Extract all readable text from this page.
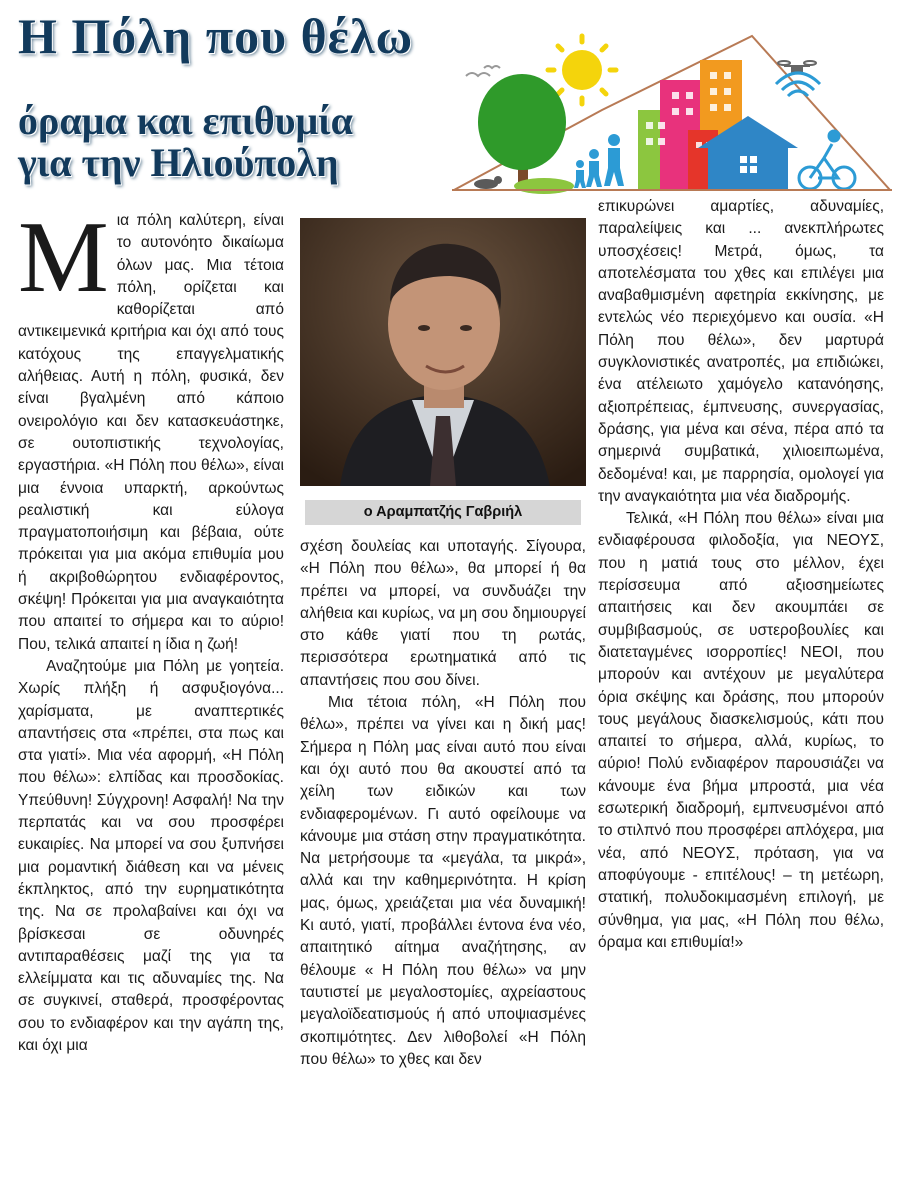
Η Πόλη που θέλω
όραμα και επιθυμία
για την Ηλιούπολη

Μια πόλη καλύτερη, είναι το αυτονόητο δικαίωμα όλων μας. Μια τέτοια πόλη, ορίζεται και καθορίζεται από αντικειμενικά κριτήρια και όχι από τους κατόχους της επαγγελματικής αλήθειας. Αυτή η πόλη, φυσικά, δεν είναι βγαλμένη από κάποιο ονειρολόγιο και δεν κατασκευάστηκε, σε ουτοπιστικής τεχνολογίας, εργαστήρια. «Η Πόλη που θέλω», είναι μια έννοια υπαρκτή, αρκούντως ρεαλιστική και εύλογα πραγματοποιήσιμη και βέβαια, ούτε πρόκειται για μια ακόμα επιθυμία μου ή ακριβοθώρητου ενδιαφέροντος, σκέψη! Πρόκειται για μια αναγκαιότητα που απαιτεί το σήμερα και το αύριο! Που, τελικά απαιτεί η ίδια η ζωή!

Αναζητούμε μια Πόλη με γοητεία. Χωρίς πλήξη ή ασφυξιογόνα... χαρίσματα, με αναπτερτικές απαντήσεις στα «πρέπει, στα πως και στα γιατί». Μια νέα αφορμή, «Η Πόλη που θέλω»: ελπίδας και προσδοκίας. Υπεύθυνη! Σύγχρονη! Ασφαλή! Να την περπατάς και να σου προσφέρει ευκαιρίες. Να μπορεί να σου ξυπνήσει μια ρομαντική διάθεση και να μένεις έκπληκτος, από την ευρηματικότητα της. Να σε προλαβαίνει και όχι να βρίσκεσαι σε οδυνηρές αντιπαραθέσεις μαζί της για τα ελλείμματα και τις αδυναμίες της. Να σε συγκινεί, σταθερά, προσφέροντας σου το ενδιαφέρον και την αγάπη της, και όχι μια

ο Αραμπατζής Γαβριήλ

σχέση δουλείας και υποταγής. Σίγουρα, «Η Πόλη που θέλω», θα μπορεί ή θα πρέπει να μπορεί, να συνδυάζει την αλήθεια και κυρίως, να μη σου δημιουργεί στο κάθε γιατί που τη ρωτάς, περισσότερα ερωτηματικά από τις απαντήσεις που σου δίνει.

Μια τέτοια πόλη, «Η Πόλη που θέλω», πρέπει να γίνει και η δική μας! Σήμερα η Πόλη μας είναι αυτό που είναι και όχι αυτό που θα ακουστεί από τα χείλη των ειδικών και των ενδιαφερομένων. Γι αυτό οφείλουμε να κάνουμε μια στάση στην πραγματικότητα. Να μετρήσουμε τα «μεγάλα, τα μικρά», αλλά και την καθημερινότητα. Η κρίση μας, όμως, χρειάζεται μια νέα δυναμική! Κι αυτό, γιατί, προβάλλει έντονα ένα νέο, απαιτητικό αίτημα αναζήτησης, αν θέλουμε « Η Πόλη που θέλω» να μην ταυτιστεί με μεγαλοστομίες, αχρείαστους μεγαλοϊδεατισμούς ή από υποψιασμένες σκοπιμότητες. Δεν λιθοβολεί «Η Πόλη που θέλω» το χθες και δεν

επικυρώνει αμαρτίες, αδυναμίες, παραλείψεις και ... ανεκπλήρωτες υποσχέσεις! Μετρά, όμως, τα αποτελέσματα του χθες και επιλέγει μια αναβαθμισμένη αφετηρία εκκίνησης, με εντελώς νέο περιεχόμενο και ουσία. «Η Πόλη που θέλω», δεν μαρτυρά συγκλονιστικές ανατροπές, μα επιδιώκει, ένα ατέλειωτο χαμόγελο κατανόησης, αξιοπρέπειας, έμπνευσης, συνεργασίας, δράσης, για μένα και σένα, πέρα από τα σημερινά συμβατικά, χιλιοειπωμένα, δεδομένα! και, με παρρησία, ομολογεί για την αναγκαιότητα μια νέα διαδρομής.

Τελικά, «Η Πόλη που θέλω» είναι μια ενδιαφέρουσα φιλοδοξία, για ΝΕΟΥΣ, που η ματιά τους στο μέλλον, έχει περίσσευμα από αξιοσημείωτες απαιτήσεις και δεν ακουμπάει σε συμβιβασμούς, σε υστεροβουλίες και διατεταγμένες ισορροπίες! ΝΕΟΙ, που μπορούν και αντέχουν με μεγαλύτερα όρια σκέψης και δράσης, που μπορούν τους μεγάλους διασκελισμούς, κάτι που απαιτεί το σήμερα, αλλά, κυρίως, το αύριο! Πολύ ενδιαφέρον παρουσιάζει να κάνουμε ένα βήμα μπροστά, μια νέα εσωτερική διαδρομή, εμπνευσμένοι από το στιλπνό που προσφέρει απλόχερα, μια νέα, από ΝΕΟΥΣ, πρόταση, για να αποφύγουμε - επιτέλους! – τη μετέωρη, στατική, πολυδοκιμασμένη επιλογή, με σύνθημα, για μας, «Η Πόλη που θέλω, όραμα και επιθυμία!»
